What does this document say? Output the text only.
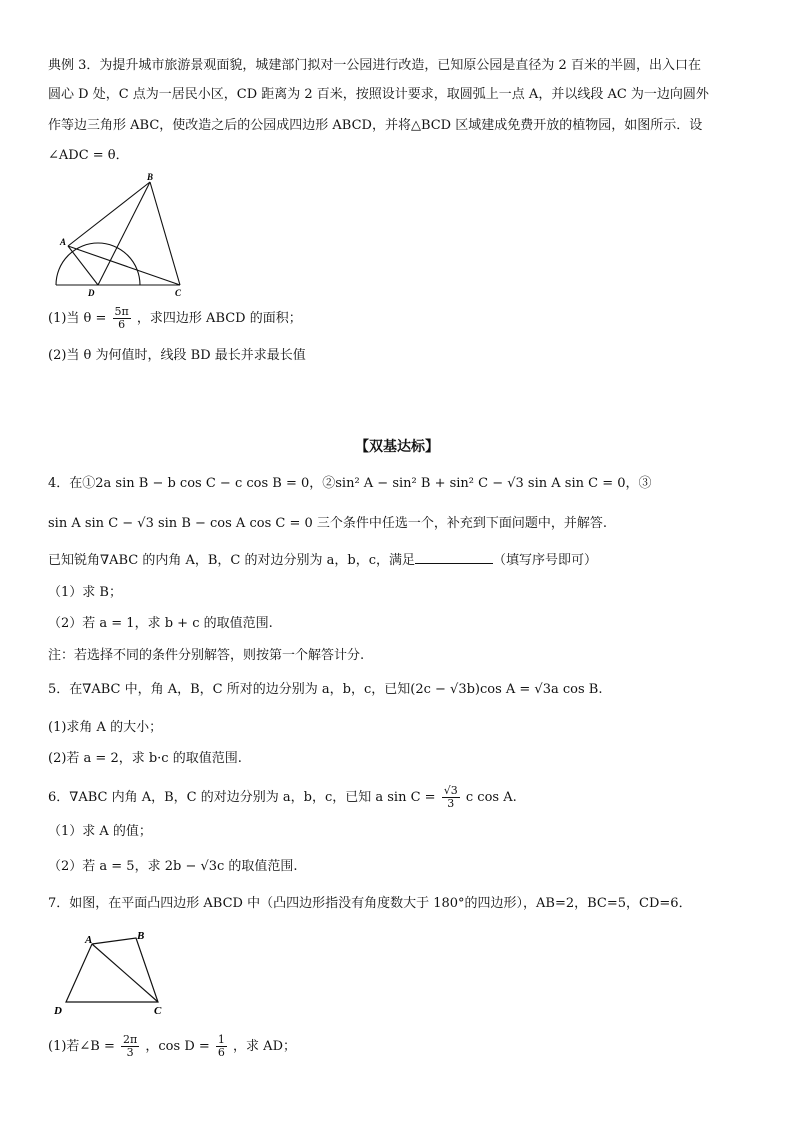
典例 3．为提升城市旅游景观面貌，城建部门拟对一公园进行改造，已知原公园是直径为 2 百米的半圆，出入口在
圆心 D 处，C 点为一居民小区，CD 距离为 2 百米，按照设计要求，取圆弧上一点 A，并以线段 AC 为一边向圆外
作等边三角形 ABC，使改造之后的公园成四边形 ABCD，并将△BCD 区域建成免费开放的植物园，如图所示．设
∠ADC = θ．
B
A
D	C
(1)当 $\theta = \frac{5\pi}{6}$ ，求四边形 ABCD 的面积；
(2)当 θ 为何值时，线段 BD 最长并求最长值
【双基达标】
4．在①2a sin B − b cos C − c cos B = 0，②sin² A − sin² B + sin² C − √3 sin A sin C = 0，③
sin A sin C − √3 sin B − cos A cos C = 0 三个条件中任选一个，补充到下面问题中，并解答.
已知锐角∇ABC 的内角 A，B，C 的对边分别为 a，b，c，满足	（填写序号即可）
（1）求 B；
（2）若 a = 1，求 b + c 的取值范围.
注：若选择不同的条件分别解答，则按第一个解答计分.
5．在∇ABC 中，角 A，B，C 所对的边分别为 a，b，c，已知(2c − √3b)cos A = √3a cos B.
(1)求角 A 的大小；
(2)若 a = 2，求 b·c 的取值范围.
6．∇ABC 内角 A，B，C 的对边分别为 a，b，c，已知 a $\sin C = \frac{√3}{3}$ c cos A.
（1）求 A 的值；
（2）若 a = 5，求 2b − √3c 的取值范围.
7．如图，在平面凸四边形 ABCD 中（凸四边形指没有角度数大于 180°的四边形），AB=2，BC=5，CD=6．
A	B
D	C
(1)若∠B = $\frac{2\pi}{3}$ ，$\cos D = \frac{1}{6}$ ，求 AD；
